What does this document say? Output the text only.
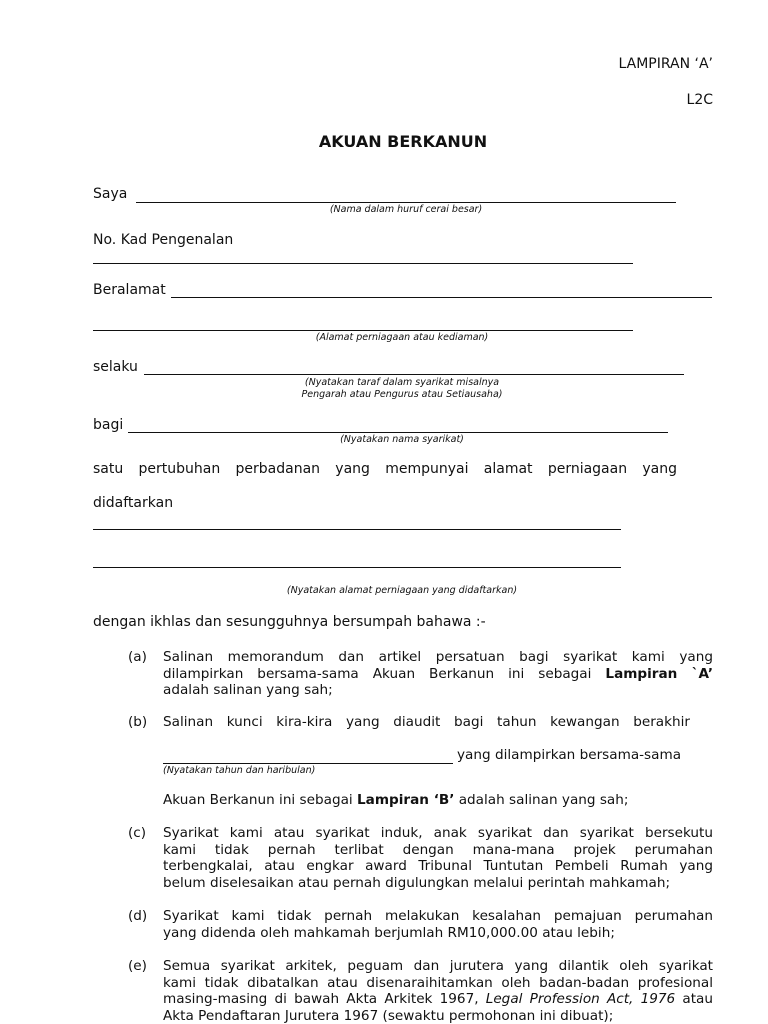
LAMPIRAN ‘A’
L2C
AKUAN BERKANUN
Saya
(Nama dalam huruf cerai besar)
No. Kad Pengenalan
Beralamat
(Alamat perniagaan atau kediaman)
selaku
(Nyatakan taraf dalam syarikat misalnya
Pengarah atau Pengurus atau Setiausaha)
bagi
(Nyatakan nama syarikat)
satu pertubuhan perbadanan yang mempunyai alamat perniagaan yang
didaftarkan
(Nyatakan alamat perniagaan yang didaftarkan)
dengan ikhlas dan sesungguhnya bersumpah bahawa :-
(a) Salinan memorandum dan artikel persatuan bagi syarikat kami yang
dilampirkan bersama-sama Akuan Berkanun ini sebagai Lampiran `A’
adalah salinan yang sah;
(b) Salinan kunci kira-kira yang diaudit bagi tahun kewangan berakhir
yang dilampirkan bersama-sama
(Nyatakan tahun dan haribulan)
Akuan Berkanun ini sebagai Lampiran ‘B’ adalah salinan yang sah;
(c) Syarikat kami atau syarikat induk, anak syarikat dan syarikat bersekutu
kami tidak pernah terlibat dengan mana-mana projek perumahan
terbengkalai, atau engkar award Tribunal Tuntutan Pembeli Rumah yang
belum diselesaikan atau pernah digulungkan melalui perintah mahkamah;
(d) Syarikat kami tidak pernah melakukan kesalahan pemajuan perumahan
yang didenda oleh mahkamah berjumlah RM10,000.00 atau lebih;
(e) Semua syarikat arkitek, peguam dan jurutera yang dilantik oleh syarikat
kami tidak dibatalkan atau disenaraihitamkan oleh badan-badan profesional
masing-masing di bawah Akta Arkitek 1967, Legal Profession Act, 1976 atau
Akta Pendaftaran Jurutera 1967 (sewaktu permohonan ini dibuat);
